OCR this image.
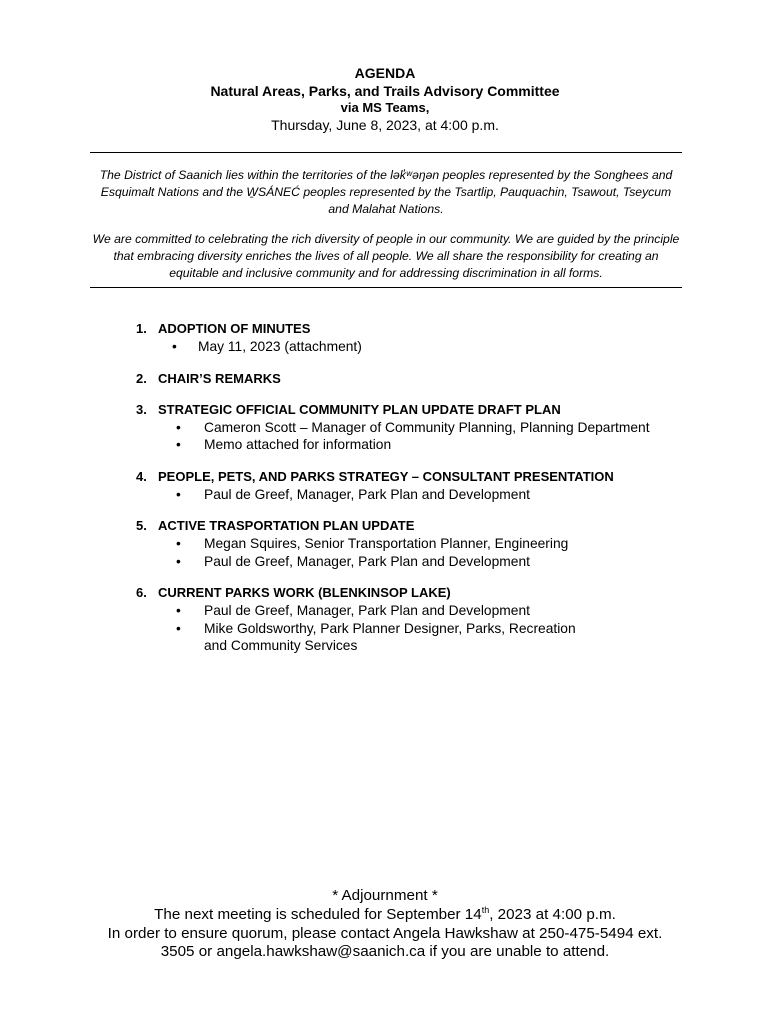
AGENDA
Natural Areas, Parks, and Trails Advisory Committee
via MS Teams,
Thursday, June 8, 2023, at 4:00 p.m.

The District of Saanich lies within the territories of the lək̓ʷəŋən peoples represented by the Songhees and Esquimalt Nations and the W̱SÁNEĆ peoples represented by the Tsartlip, Pauquachin, Tsawout, Tseycum and Malahat Nations.

We are committed to celebrating the rich diversity of people in our community. We are guided by the principle that embracing diversity enriches the lives of all people. We all share the responsibility for creating an equitable and inclusive community and for addressing discrimination in all forms.

1. ADOPTION OF MINUTES
• May 11, 2023 (attachment)
2. CHAIR’S REMARKS
3. STRATEGIC OFFICIAL COMMUNITY PLAN UPDATE DRAFT PLAN
• Cameron Scott – Manager of Community Planning, Planning Department
• Memo attached for information
4. PEOPLE, PETS, AND PARKS STRATEGY – CONSULTANT PRESENTATION
• Paul de Greef, Manager, Park Plan and Development
5. ACTIVE TRASPORTATION PLAN UPDATE
• Megan Squires, Senior Transportation Planner, Engineering
• Paul de Greef, Manager, Park Plan and Development
6. CURRENT PARKS WORK (BLENKINSOP LAKE)
• Paul de Greef, Manager, Park Plan and Development
• Mike Goldsworthy, Park Planner Designer, Parks, Recreation and Community Services
* Adjournment *
The next meeting is scheduled for September 14th, 2023 at 4:00 p.m.
In order to ensure quorum, please contact Angela Hawkshaw at 250-475-5494 ext.
3505 or angela.hawkshaw@saanich.ca if you are unable to attend.
